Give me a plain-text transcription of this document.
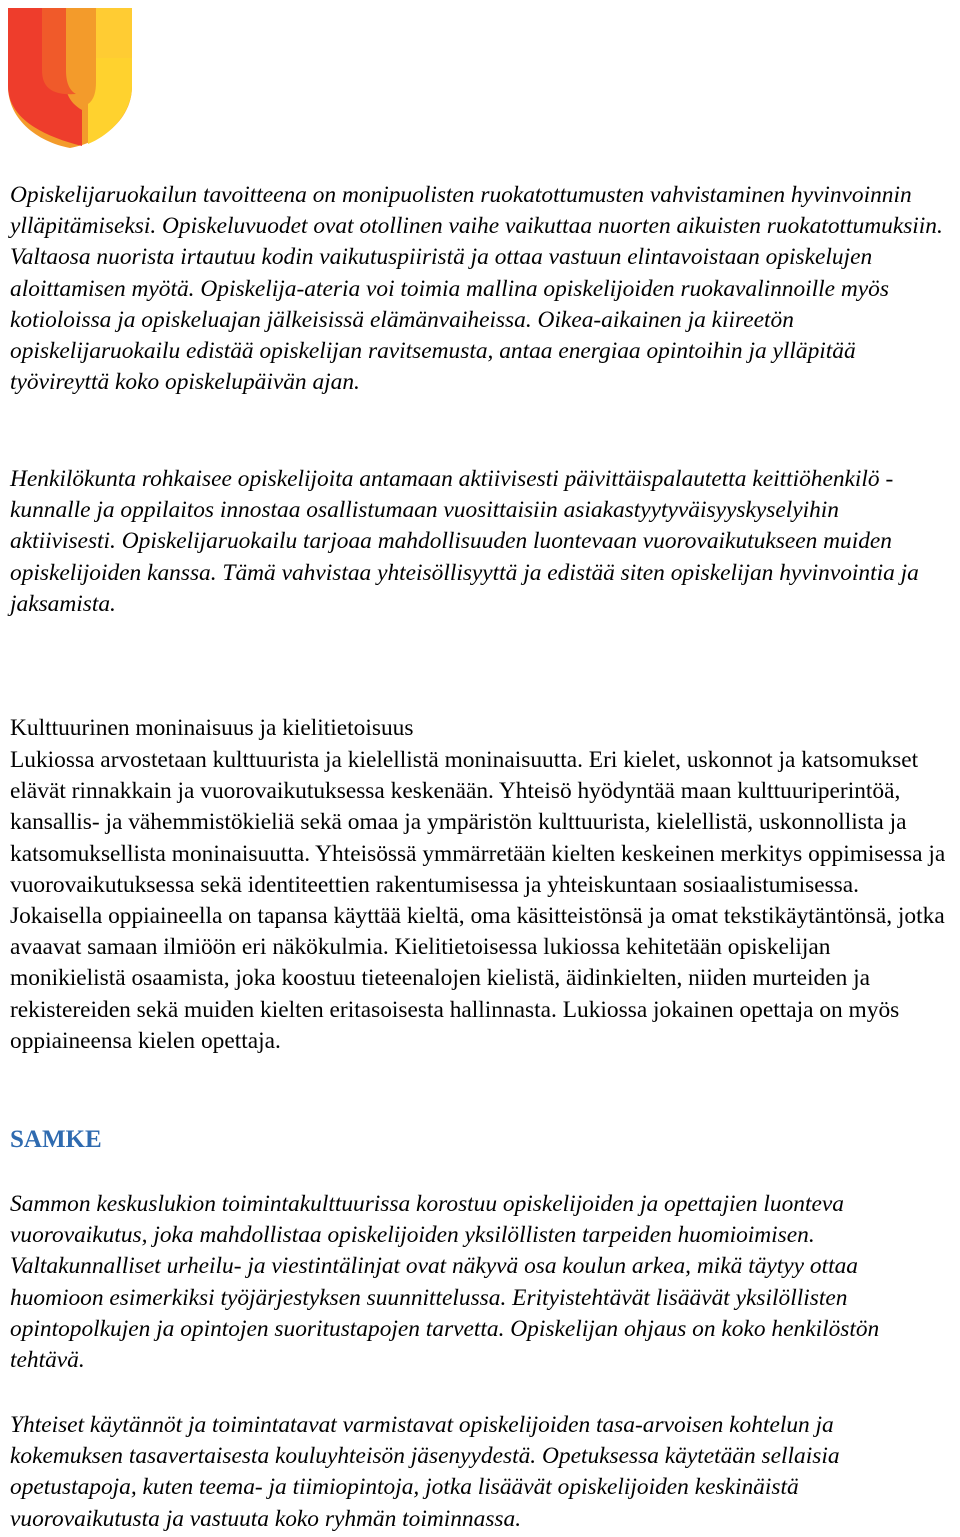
Opiskelijaruokailun tavoitteena on monipuolisten ruokatottumusten vahvistaminen hyvinvoinnin ylläpitämiseksi. Opiskeluvuodet ovat otollinen vaihe vaikuttaa nuorten aikuisten ruokatottumuksiin. Valtaosa nuorista irtautuu kodin vaikutuspiiristä ja ottaa vastuun elintavoistaan opiskelujen aloittamisen myötä. Opiskelija-ateria voi toimia mallina opiskelijoiden ruokavalinnoille myös kotioloissa ja opiskeluajan jälkeisissä elämänvaiheissa. Oikea-aikainen ja kiireetön opiskelijaruokailu edistää opiskelijan ravitsemusta, antaa energiaa opintoihin ja ylläpitää työvireyttä koko opiskelupäivän ajan.

Henkilökunta rohkaisee opiskelijoita antamaan aktiivisesti päivittäispalautetta keittiöhenkilö - kunnalle ja oppilaitos innostaa osallistumaan vuosittaisiin asiakastyytyväisyyskyselyihin aktiivisesti. Opiskelijaruokailu tarjoaa mahdollisuuden luontevaan vuorovaikutukseen muiden opiskelijoiden kanssa. Tämä vahvistaa yhteisöllisyyttä ja edistää siten opiskelijan hyvinvointia ja jaksamista.

Kulttuurinen moninaisuus ja kielitietoisuus

Lukiossa arvostetaan kulttuurista ja kielellistä moninaisuutta. Eri kielet, uskonnot ja katsomukset elävät rinnakkain ja vuorovaikutuksessa keskenään. Yhteisö hyödyntää maan kulttuuriperintöä, kansallis- ja vähemmistökieliä sekä omaa ja ympäristön kulttuurista, kielellistä, uskonnollista ja katsomuksellista moninaisuutta. Yhteisössä ymmärretään kielten keskeinen merkitys oppimisessa ja vuorovaikutuksessa sekä identiteettien rakentumisessa ja yhteiskuntaan sosiaalistumisessa. Jokaisella oppiaineella on tapansa käyttää kieltä, oma käsitteistönsä ja omat tekstikäytäntönsä, jotka avaavat samaan ilmiöön eri näkökulmia. Kielitietoisessa lukiossa kehitetään opiskelijan monikielistä osaamista, joka koostuu tieteenalojen kielistä, äidinkielten, niiden murteiden ja rekistereiden sekä muiden kielten eritasoisesta hallinnasta. Lukiossa jokainen opettaja on myös oppiaineensa kielen opettaja.

SAMKE

Sammon keskuslukion toimintakulttuurissa korostuu opiskelijoiden ja opettajien luonteva vuorovaikutus, joka mahdollistaa opiskelijoiden yksilöllisten tarpeiden huomioimisen. Valtakunnalliset urheilu- ja viestintälinjat ovat näkyvä osa koulun arkea, mikä täytyy ottaa huomioon esimerkiksi työjärjestyksen suunnittelussa. Erityistehtävät lisäävät yksilöllisten opintopolkujen ja opintojen suoritustapojen tarvetta. Opiskelijan ohjaus on koko henkilöstön tehtävä.

Yhteiset käytännöt ja toimintatavat varmistavat opiskelijoiden tasa-arvoisen kohtelun ja kokemuksen tasavertaisesta kouluyhteisön jäsenyydestä. Opetuksessa käytetään sellaisia opetustapoja, kuten teema- ja tiimiopintoja, jotka lisäävät opiskelijoiden keskinäistä vuorovaikutusta ja vastuuta koko ryhmän toiminnassa.
